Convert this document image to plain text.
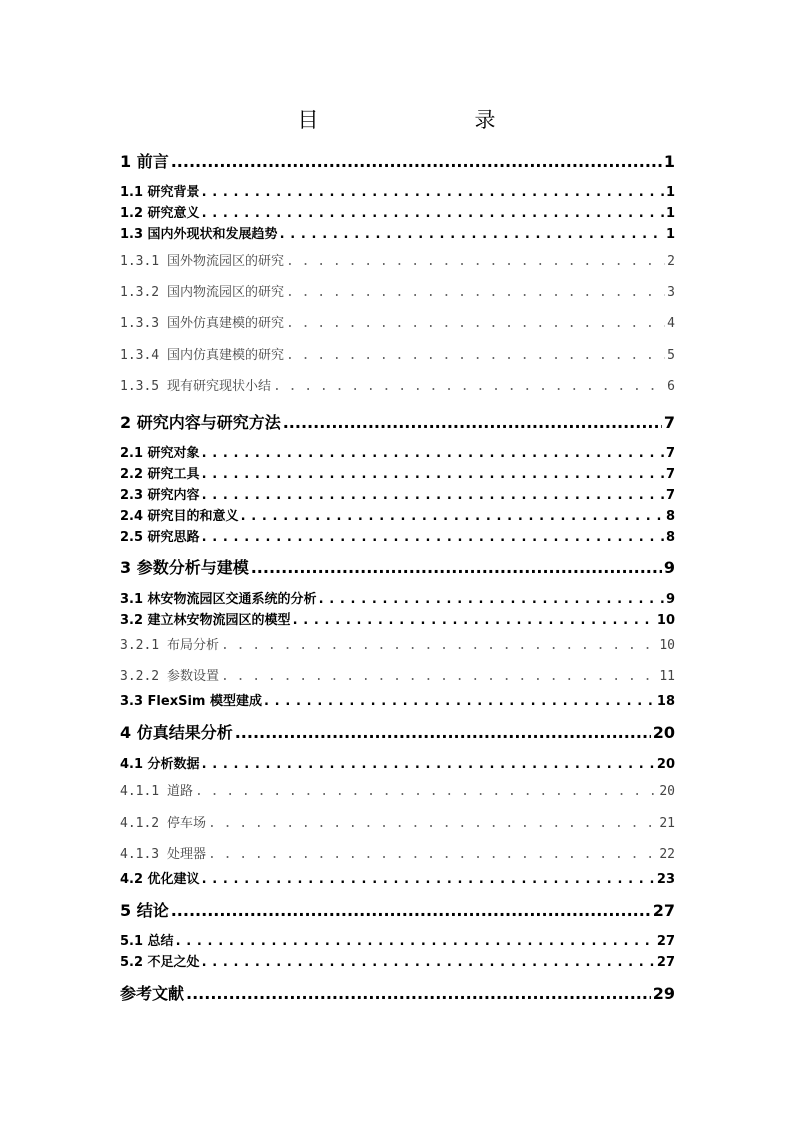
目　　录
1 前言 .....	1
1.1 研究背景 . . .	1
1.2 研究意义 . . .	1
1.3 国内外现状和发展趋势 . . .	1
1.3.1 国外物流园区的研究 . . .	2
1.3.2 国内物流园区的研究 . . .	3
1.3.3 国外仿真建模的研究 . . .	4
1.3.4 国内仿真建模的研究 . . .	5
1.3.5 现有研究现状小结 . . .	6
2 研究内容与研究方法 .....	7
2.1 研究对象 . . .	7
2.2 研究工具 . . .	7
2.3 研究内容 . . .	7
2.4 研究目的和意义 . . .	8
2.5 研究思路 . . .	8
3 参数分析与建模 .....	9
3.1 林安物流园区交通系统的分析 . . .	9
3.2 建立林安物流园区的模型 . . .	10
3.2.1 布局分析 . . .	10
3.2.2 参数设置 . . .	11
3.3 FlexSim 模型建成 . . .	18
4 仿真结果分析 .....	20
4.1 分析数据 . . .	20
4.1.1 道路 . . .	20
4.1.2 停车场 . . .	21
4.1.3 处理器 . . .	22
4.2 优化建议 . . .	23
5 结论 .....	27
5.1 总结 . . .	27
5.2 不足之处 . . .	27
参考文献 .....	29
